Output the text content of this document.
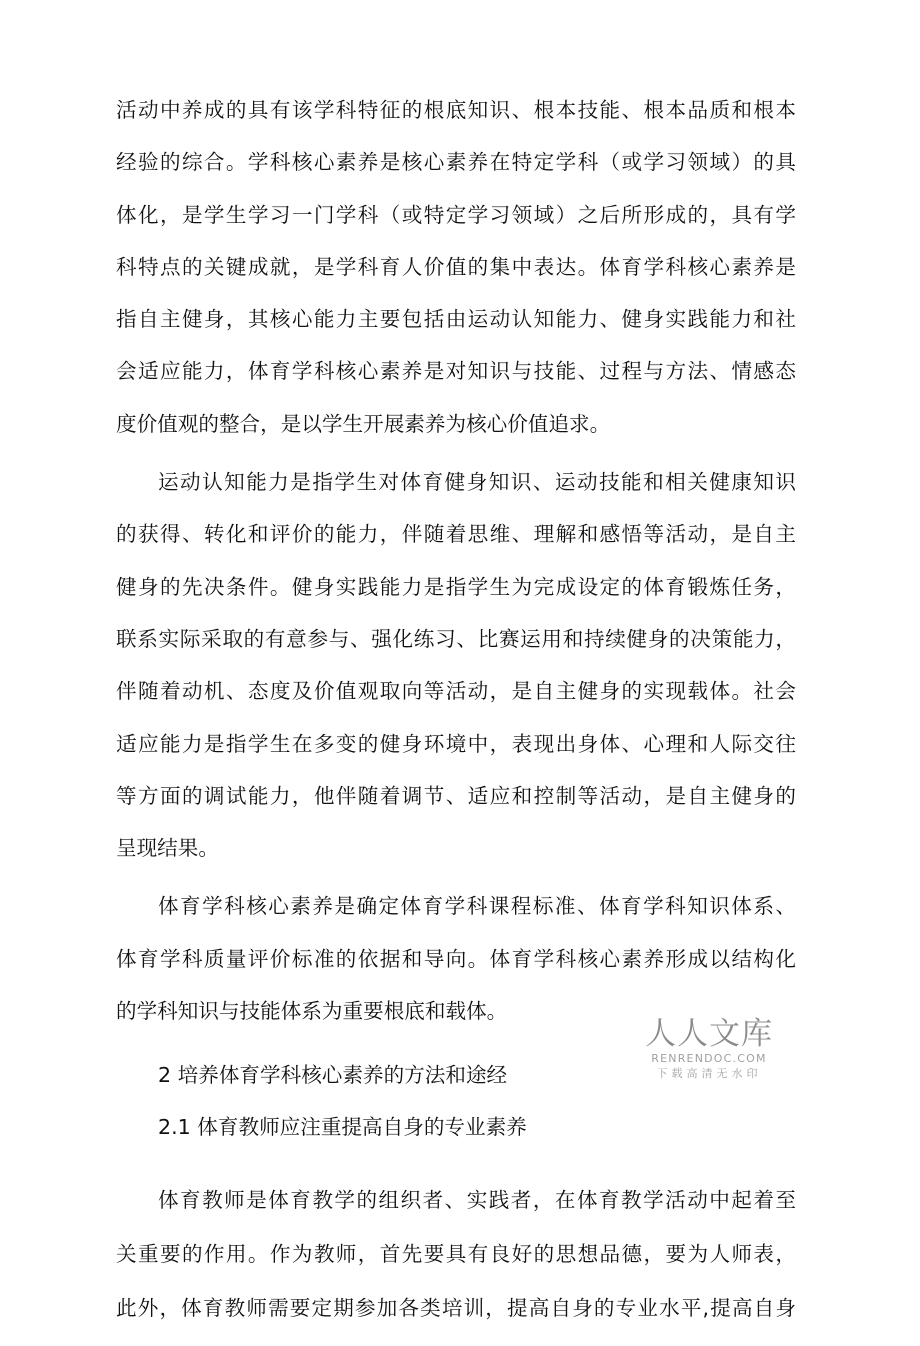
活动中养成的具有该学科特征的根底知识、根本技能、根本品质和根本

经验的综合。学科核心素养是核心素养在特定学科（或学习领域）的具

体化，是学生学习一门学科（或特定学习领域）之后所形成的，具有学

科特点的关键成就，是学科育人价值的集中表达。体育学科核心素养是

指自主健身，其核心能力主要包括由运动认知能力、健身实践能力和社

会适应能力，体育学科核心素养是对知识与技能、过程与方法、情感态

度价值观的整合，是以学生开展素养为核心价值追求。

运动认知能力是指学生对体育健身知识、运动技能和相关健康知识

的获得、转化和评价的能力，伴随着思维、理解和感悟等活动，是自主

健身的先决条件。健身实践能力是指学生为完成设定的体育锻炼任务，

联系实际采取的有意参与、强化练习、比赛运用和持续健身的决策能力，

伴随着动机、态度及价值观取向等活动，是自主健身的实现载体。社会

适应能力是指学生在多变的健身环境中，表现出身体、心理和人际交往

等方面的调试能力，他伴随着调节、适应和控制等活动，是自主健身的

呈现结果。

体育学科核心素养是确定体育学科课程标准、体育学科知识体系、

体育学科质量评价标准的依据和导向。体育学科核心素养形成以结构化

的学科知识与技能体系为重要根底和载体。

2 培养体育学科核心素养的方法和途经
2.1 体育教师应注重提高自身的专业素养

体育教师是体育教学的组织者、实践者，在体育教学活动中起着至

关重要的作用。作为教师，首先要具有良好的思想品德，要为人师表，

此外，体育教师需要定期参加各类培训，提高自身的专业水平,提高自身

人人文库
RENRENDOC.COM
下载高清无水印
